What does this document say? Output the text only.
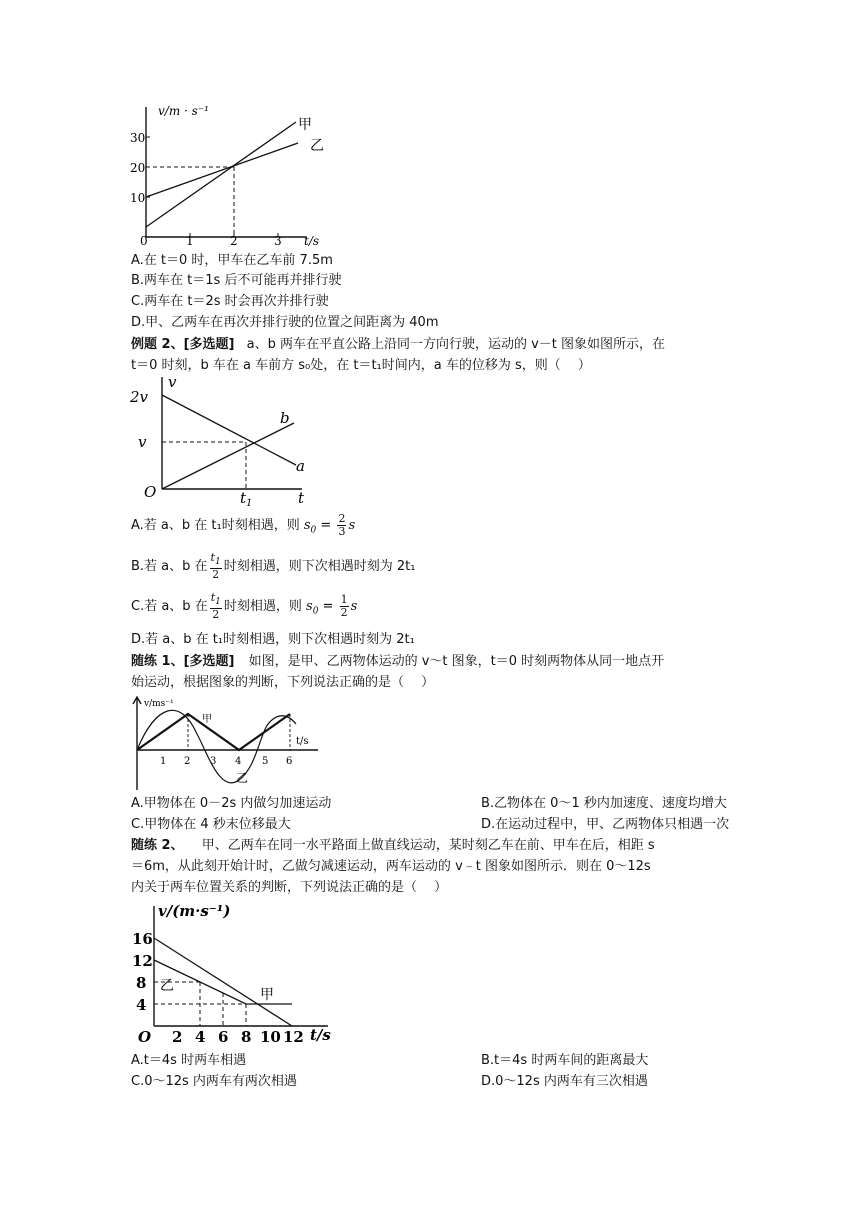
v/m · s⁻¹
30
20
10
0	1	2	3 t/s
甲
乙
A.在 t＝0 时，甲车在乙车前 7.5m
B.两车在 t＝1s 后不可能再并排行驶
C.两车在 t＝2s 时会再次并排行驶
D.甲、乙两车在再次并排行驶的位置之间距离为 40m
例题 2、[多选题] a、b 两车在平直公路上沿同一方向行驶，运动的 v－t 图象如图所示，在
t＝0 时刻，b 车在 a 车前方 s₀处，在 t＝t₁时间内，a 车的位移为 s，则（　 ）
v
2v
v
O	$t_1$	t
a
b
A.若 a、b 在 t₁时刻相遇，则 $s_0 = \frac{2}{3}$ s
B.若 a、b 在 $\frac{t_1}{2}$ 时刻相遇，则下次相遇时刻为 2t₁
C.若 a、b 在 $\frac{t_1}{2}$ 时刻相遇，则 $s_0 = \frac{1}{2}$ s
D.若 a、b 在 t₁时刻相遇，则下次相遇时刻为 2t₁
随练 1、[多选题] 如图，是甲、乙两物体运动的 v～t 图象，t＝0 时刻两物体从同一地点开
始运动，根据图象的判断，下列说法正确的是（　 ）
v/ms⁻¹
t/s
甲
乙
1 2 3 4 5 6
A.甲物体在 0－2s 内做匀加速运动	B.乙物体在 0～1 秒内加速度、速度均增大
C.甲物体在 4 秒末位移最大	D.在运动过程中，甲、乙两物体只相遇一次
随练 2、 甲、乙两车在同一水平路面上做直线运动，某时刻乙车在前、甲车在后，相距 s
＝6m，从此刻开始计时，乙做匀减速运动，两车运动的 v﹣t 图象如图所示．则在 0～12s
内关于两车位置关系的判断，下列说法正确的是（　 ）
v/(m·s⁻¹)
t/s
O
16
12
8
4
2 4 6 8 10 12
乙
甲
A.t＝4s 时两车相遇	B.t＝4s 时两车间的距离最大
C.0～12s 内两车有两次相遇	D.0～12s 内两车有三次相遇
